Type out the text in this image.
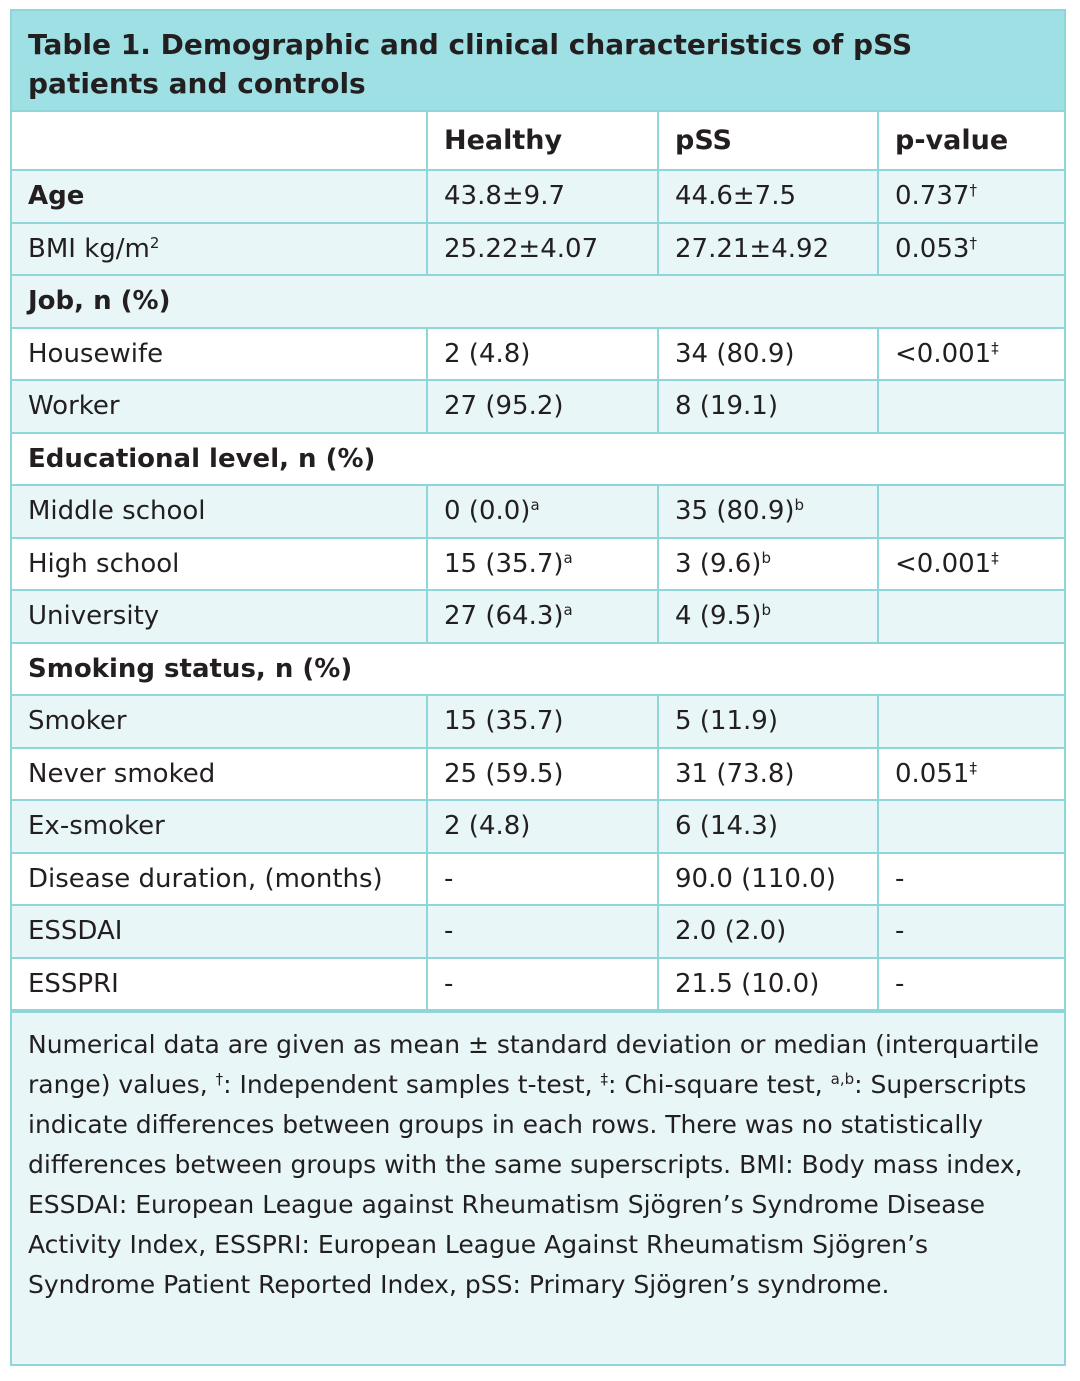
Table 1. Demographic and clinical characteristics of pSS patients and controls
	Healthy	pSS	p-value
Age	43.8±9.7	44.6±7.5	0.737†
BMI $kg/m^2$	25.22±4.07	27.21±4.92	0.053†
Job, n (%)			
Housewife	2 (4.8)	34 (80.9)	<0.001‡
Worker	27 (95.2)	8 (19.1)	
Educational level, n (%)			
Middle school	0 $(0.0)^a$	35 $(80.9)^b$	
High school	15 $(35.7)^a$	3 $(9.6)^b$	<0.001‡
University	27 $(64.3)^a$	4 $(9.5)^b$	
Smoking status, n (%)			
Smoker	15 (35.7)	5 (11.9)	
Never smoked	25 (59.5)	31 (73.8)	0.051‡
Ex-smoker	2 (4.8)	6 (14.3)	
Disease duration, (months)	-	90.0 (110.0)	-
ESSDAI	-	2.0 (2.0)	-
ESSPRI	-	21.5 (10.0)	-
Numerical data are given as mean ± standard deviation or median (interquartile range) values, †: Independent samples t-test, ‡: Chi-square test, $^{a,b}$: Superscripts indicate differences between groups in each rows. There was no statistically differences between groups with the same superscripts. BMI: Body mass index, ESSDAI: European League against Rheumatism Sjögren’s Syndrome Disease Activity Index, ESSPRI: European League Against Rheumatism Sjögren’s Syndrome Patient Reported Index, pSS: Primary Sjögren’s syndrome.
